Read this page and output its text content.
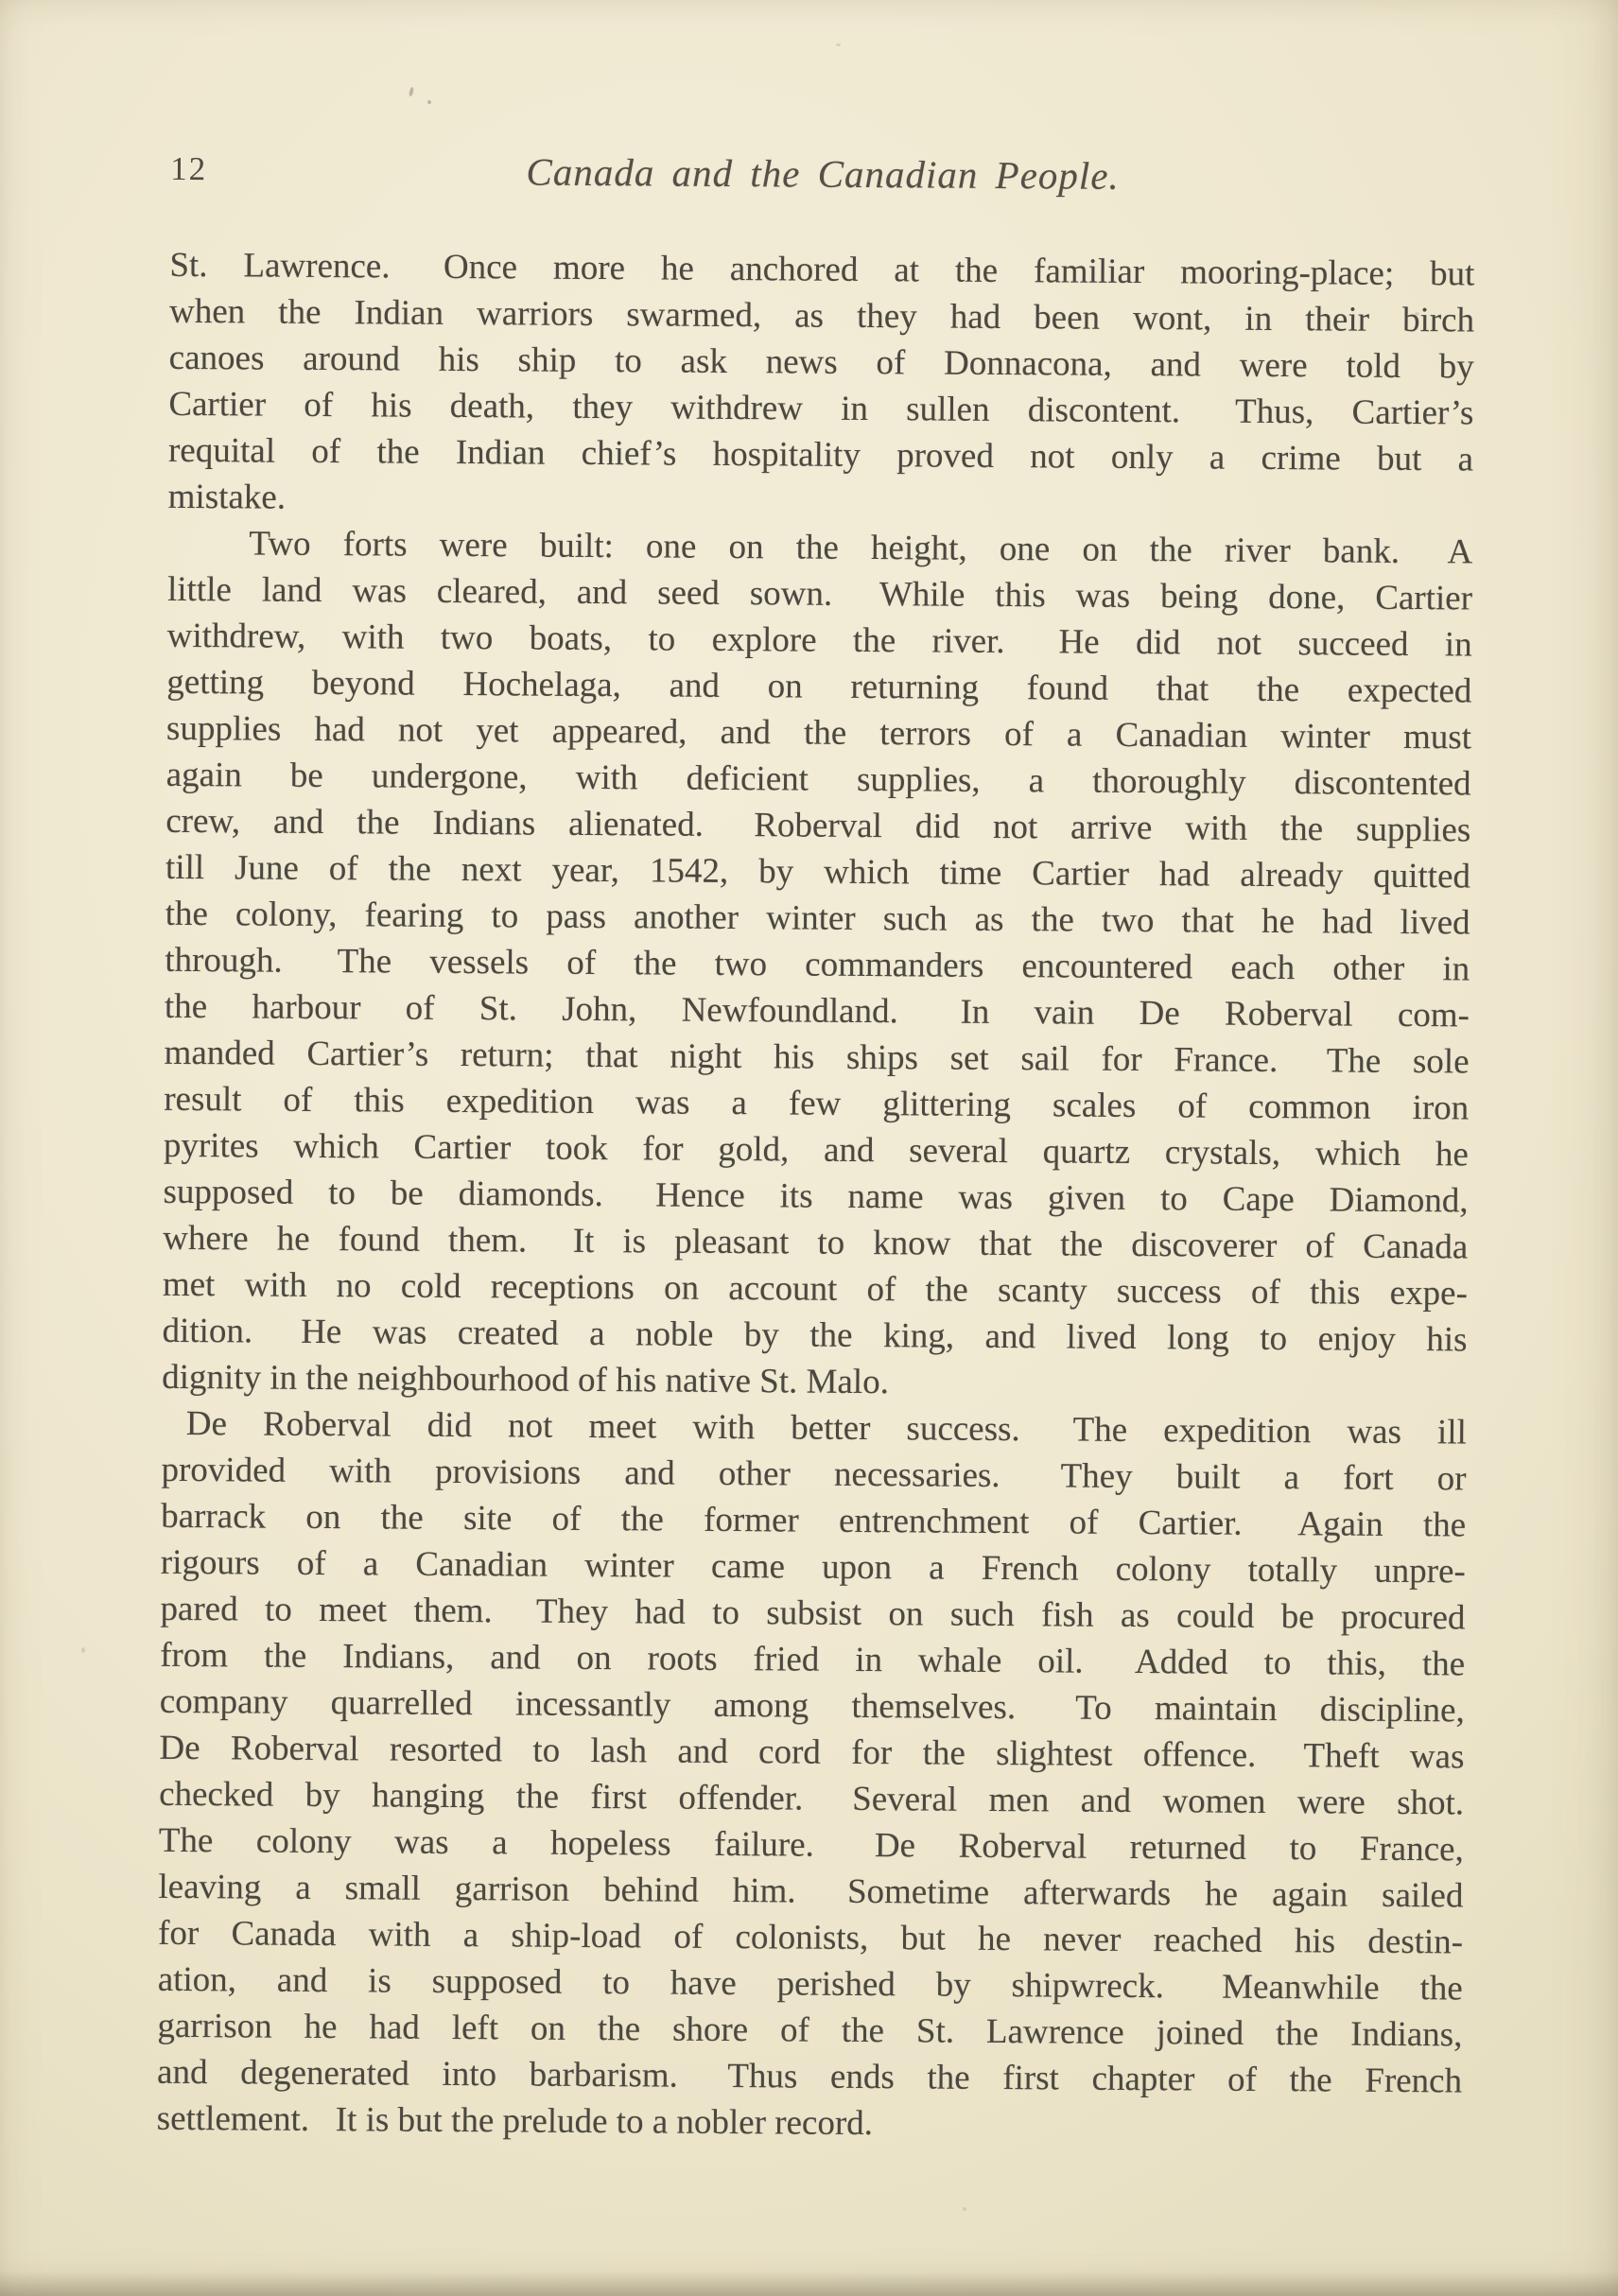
12	Canada and the Canadian People.
St. Lawrence.  Once more he anchored at the familiar mooring-place; but
when the Indian warriors swarmed, as they had been wont, in their birch
canoes around his ship to ask news of Donnacona, and were told by
Cartier of his death, they withdrew in sullen discontent.  Thus, Cartier’s
requital of the Indian chief’s hospitality proved not only a crime but a
mistake.
Two forts were built: one on the height, one on the river bank.  A
little land was cleared, and seed sown.  While this was being done, Cartier
withdrew, with two boats, to explore the river.  He did not succeed in
getting beyond Hochelaga, and on returning found that the expected
supplies had not yet appeared, and the terrors of a Canadian winter must
again be undergone, with deficient supplies, a thoroughly discontented
crew, and the Indians alienated.  Roberval did not arrive with the supplies
till June of the next year, 1542, by which time Cartier had already quitted
the colony, fearing to pass another winter such as the two that he had lived
through.  The vessels of the two commanders encountered each other in
the harbour of St. John, Newfoundland.  In vain De Roberval com-
manded Cartier’s return; that night his ships set sail for France.  The sole
result of this expedition was a few glittering scales of common iron
pyrites which Cartier took for gold, and several quartz crystals, which he
supposed to be diamonds.  Hence its name was given to Cape Diamond,
where he found them.  It is pleasant to know that the discoverer of Canada
met with no cold receptions on account of the scanty success of this expe-
dition.  He was created a noble by the king, and lived long to enjoy his
dignity in the neighbourhood of his native St. Malo.
De Roberval did not meet with better success.  The expedition was ill
provided with provisions and other necessaries.  They built a fort or
barrack on the site of the former entrenchment of Cartier.  Again the
rigours of a Canadian winter came upon a French colony totally unpre-
pared to meet them.  They had to subsist on such fish as could be procured
from the Indians, and on roots fried in whale oil.  Added to this, the
company quarrelled incessantly among themselves.  To maintain discipline,
De Roberval resorted to lash and cord for the slightest offence.  Theft was
checked by hanging the first offender.  Several men and women were shot.
The colony was a hopeless failure.  De Roberval returned to France,
leaving a small garrison behind him.  Sometime afterwards he again sailed
for Canada with a ship-load of colonists, but he never reached his destin-
ation, and is supposed to have perished by shipwreck.  Meanwhile the
garrison he had left on the shore of the St. Lawrence joined the Indians,
and degenerated into barbarism.  Thus ends the first chapter of the French
settlement.  It is but the prelude to a nobler record.
